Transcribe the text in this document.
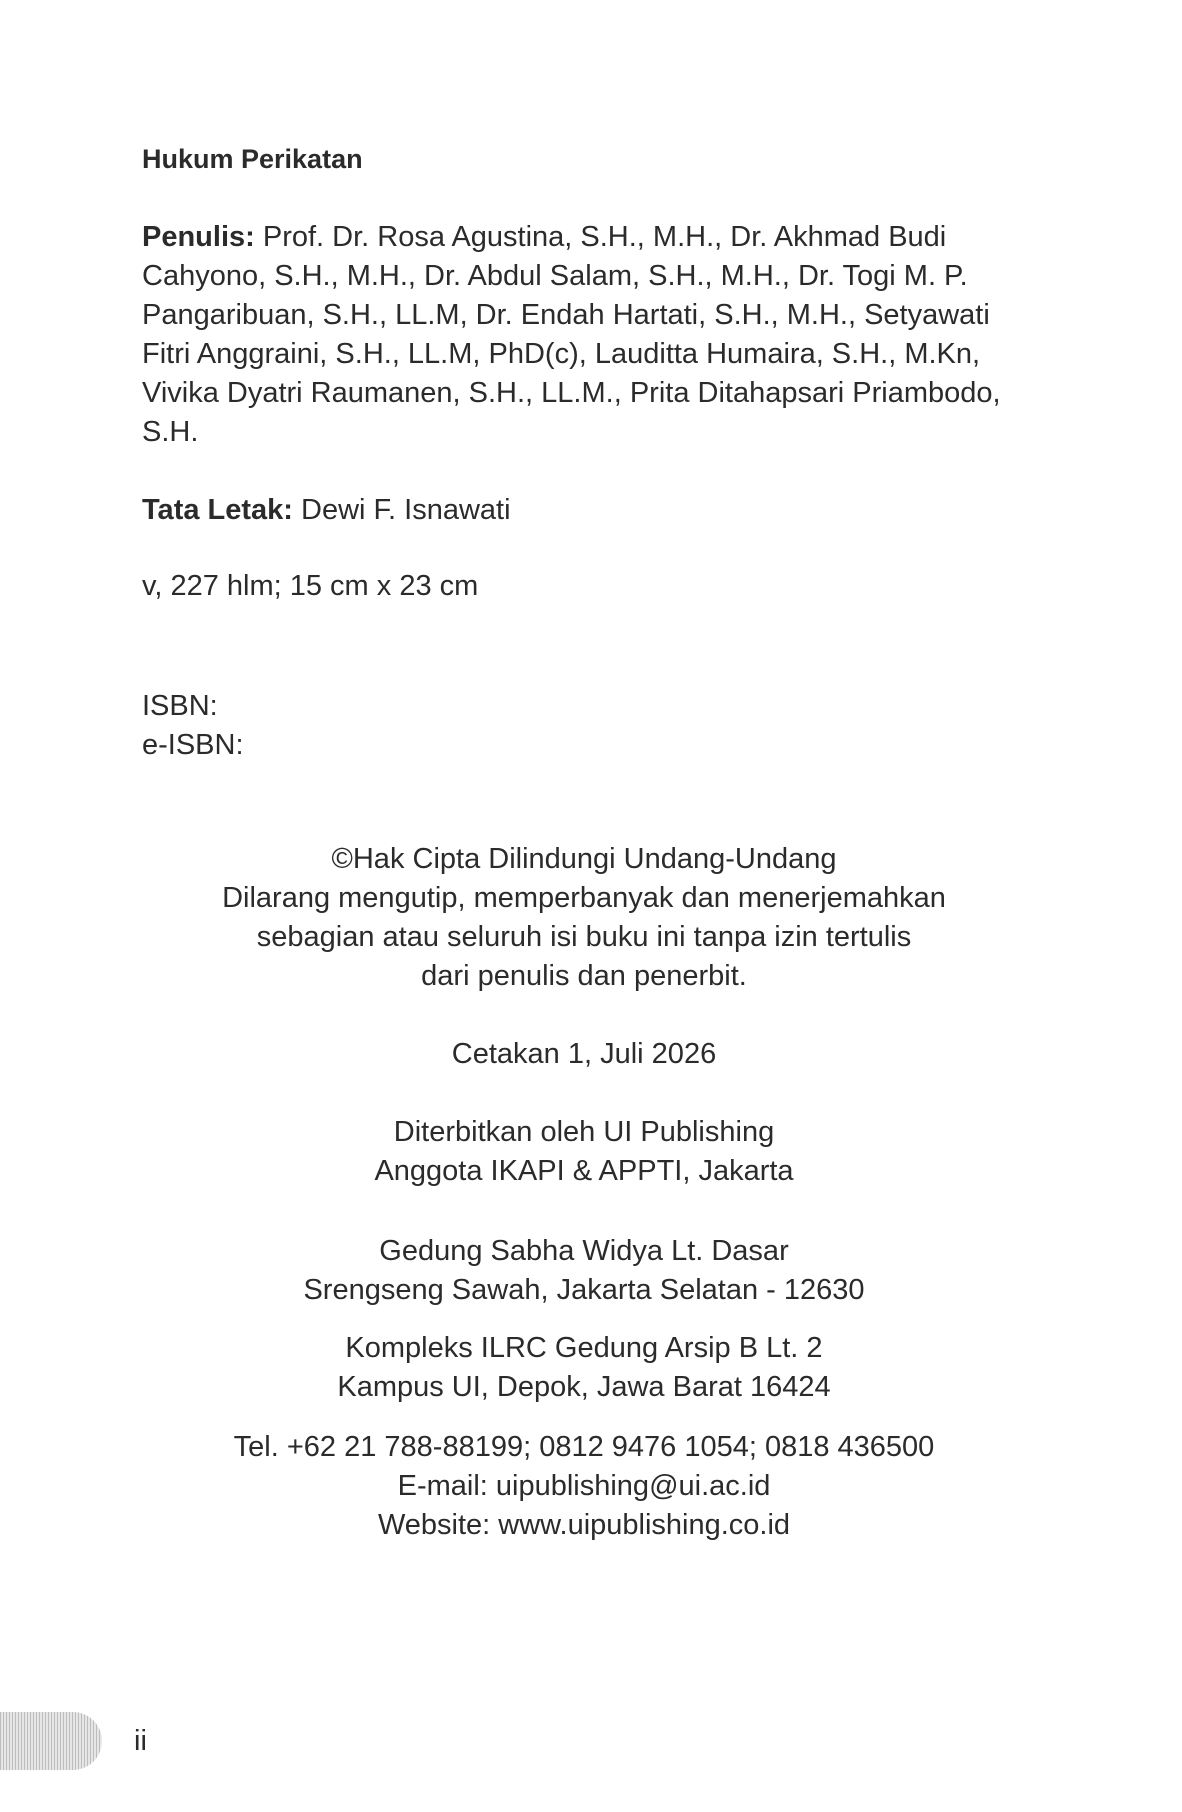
Hukum Perikatan
Penulis: Prof. Dr. Rosa Agustina, S.H., M.H., Dr. Akhmad Budi
Cahyono, S.H., M.H., Dr. Abdul Salam, S.H., M.H., Dr. Togi M. P.
Pangaribuan, S.H., LL.M, Dr. Endah Hartati, S.H., M.H., Setyawati
Fitri Anggraini, S.H., LL.M, PhD(c), Lauditta Humaira, S.H., M.Kn,
Vivika Dyatri Raumanen, S.H., LL.M., Prita Ditahapsari Priambodo,
S.H.
Tata Letak: Dewi F. Isnawati
v, 227 hlm; 15 cm x 23 cm
ISBN:
e-ISBN:
©Hak Cipta Dilindungi Undang-Undang
Dilarang mengutip, memperbanyak dan menerjemahkan
sebagian atau seluruh isi buku ini tanpa izin tertulis
dari penulis dan penerbit.
Cetakan 1, Juli 2026
Diterbitkan oleh UI Publishing
Anggota IKAPI & APPTI, Jakarta
Gedung Sabha Widya Lt. Dasar
Srengseng Sawah, Jakarta Selatan - 12630
Kompleks ILRC Gedung Arsip B Lt. 2
Kampus UI, Depok, Jawa Barat 16424
Tel. +62 21 788-88199; 0812 9476 1054; 0818 436500
E-mail: uipublishing@ui.ac.id
Website: www.uipublishing.co.id
ii
